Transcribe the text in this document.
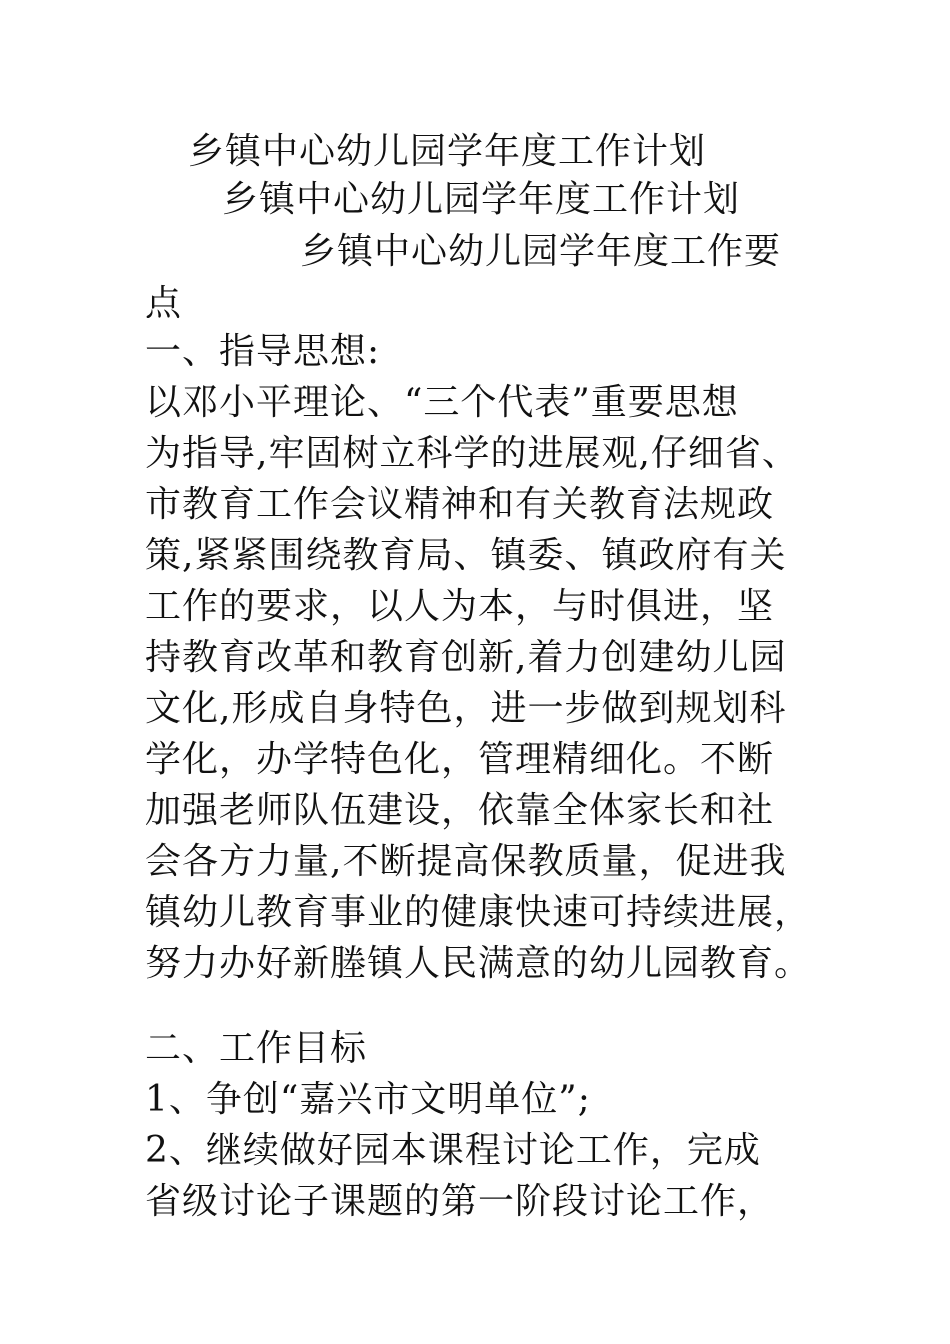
乡镇中心幼儿园学年度工作计划
乡镇中心幼儿园学年度工作计划
乡镇中心幼儿园学年度工作要
点
一、指导思想:
以邓小平理论、“三个代表”重要思想
为指导,牢固树立科学的进展观,仔细省、
市教育工作会议精神和有关教育法规政
策,紧紧围绕教育局、镇委、镇政府有关
工作的要求，以人为本，与时俱进，坚
持教育改革和教育创新,着力创建幼儿园
文化,形成自身特色，进一步做到规划科
学化，办学特色化，管理精细化。不断
加强老师队伍建设，依靠全体家长和社
会各方力量,不断提高保教质量，促进我
镇幼儿教育事业的健康快速可持续进展，
努力办好新塍镇人民满意的幼儿园教育。
二、工作目标
1、争创“嘉兴市文明单位”;
2、继续做好园本课程讨论工作，完成
省级讨论子课题的第一阶段讨论工作，
